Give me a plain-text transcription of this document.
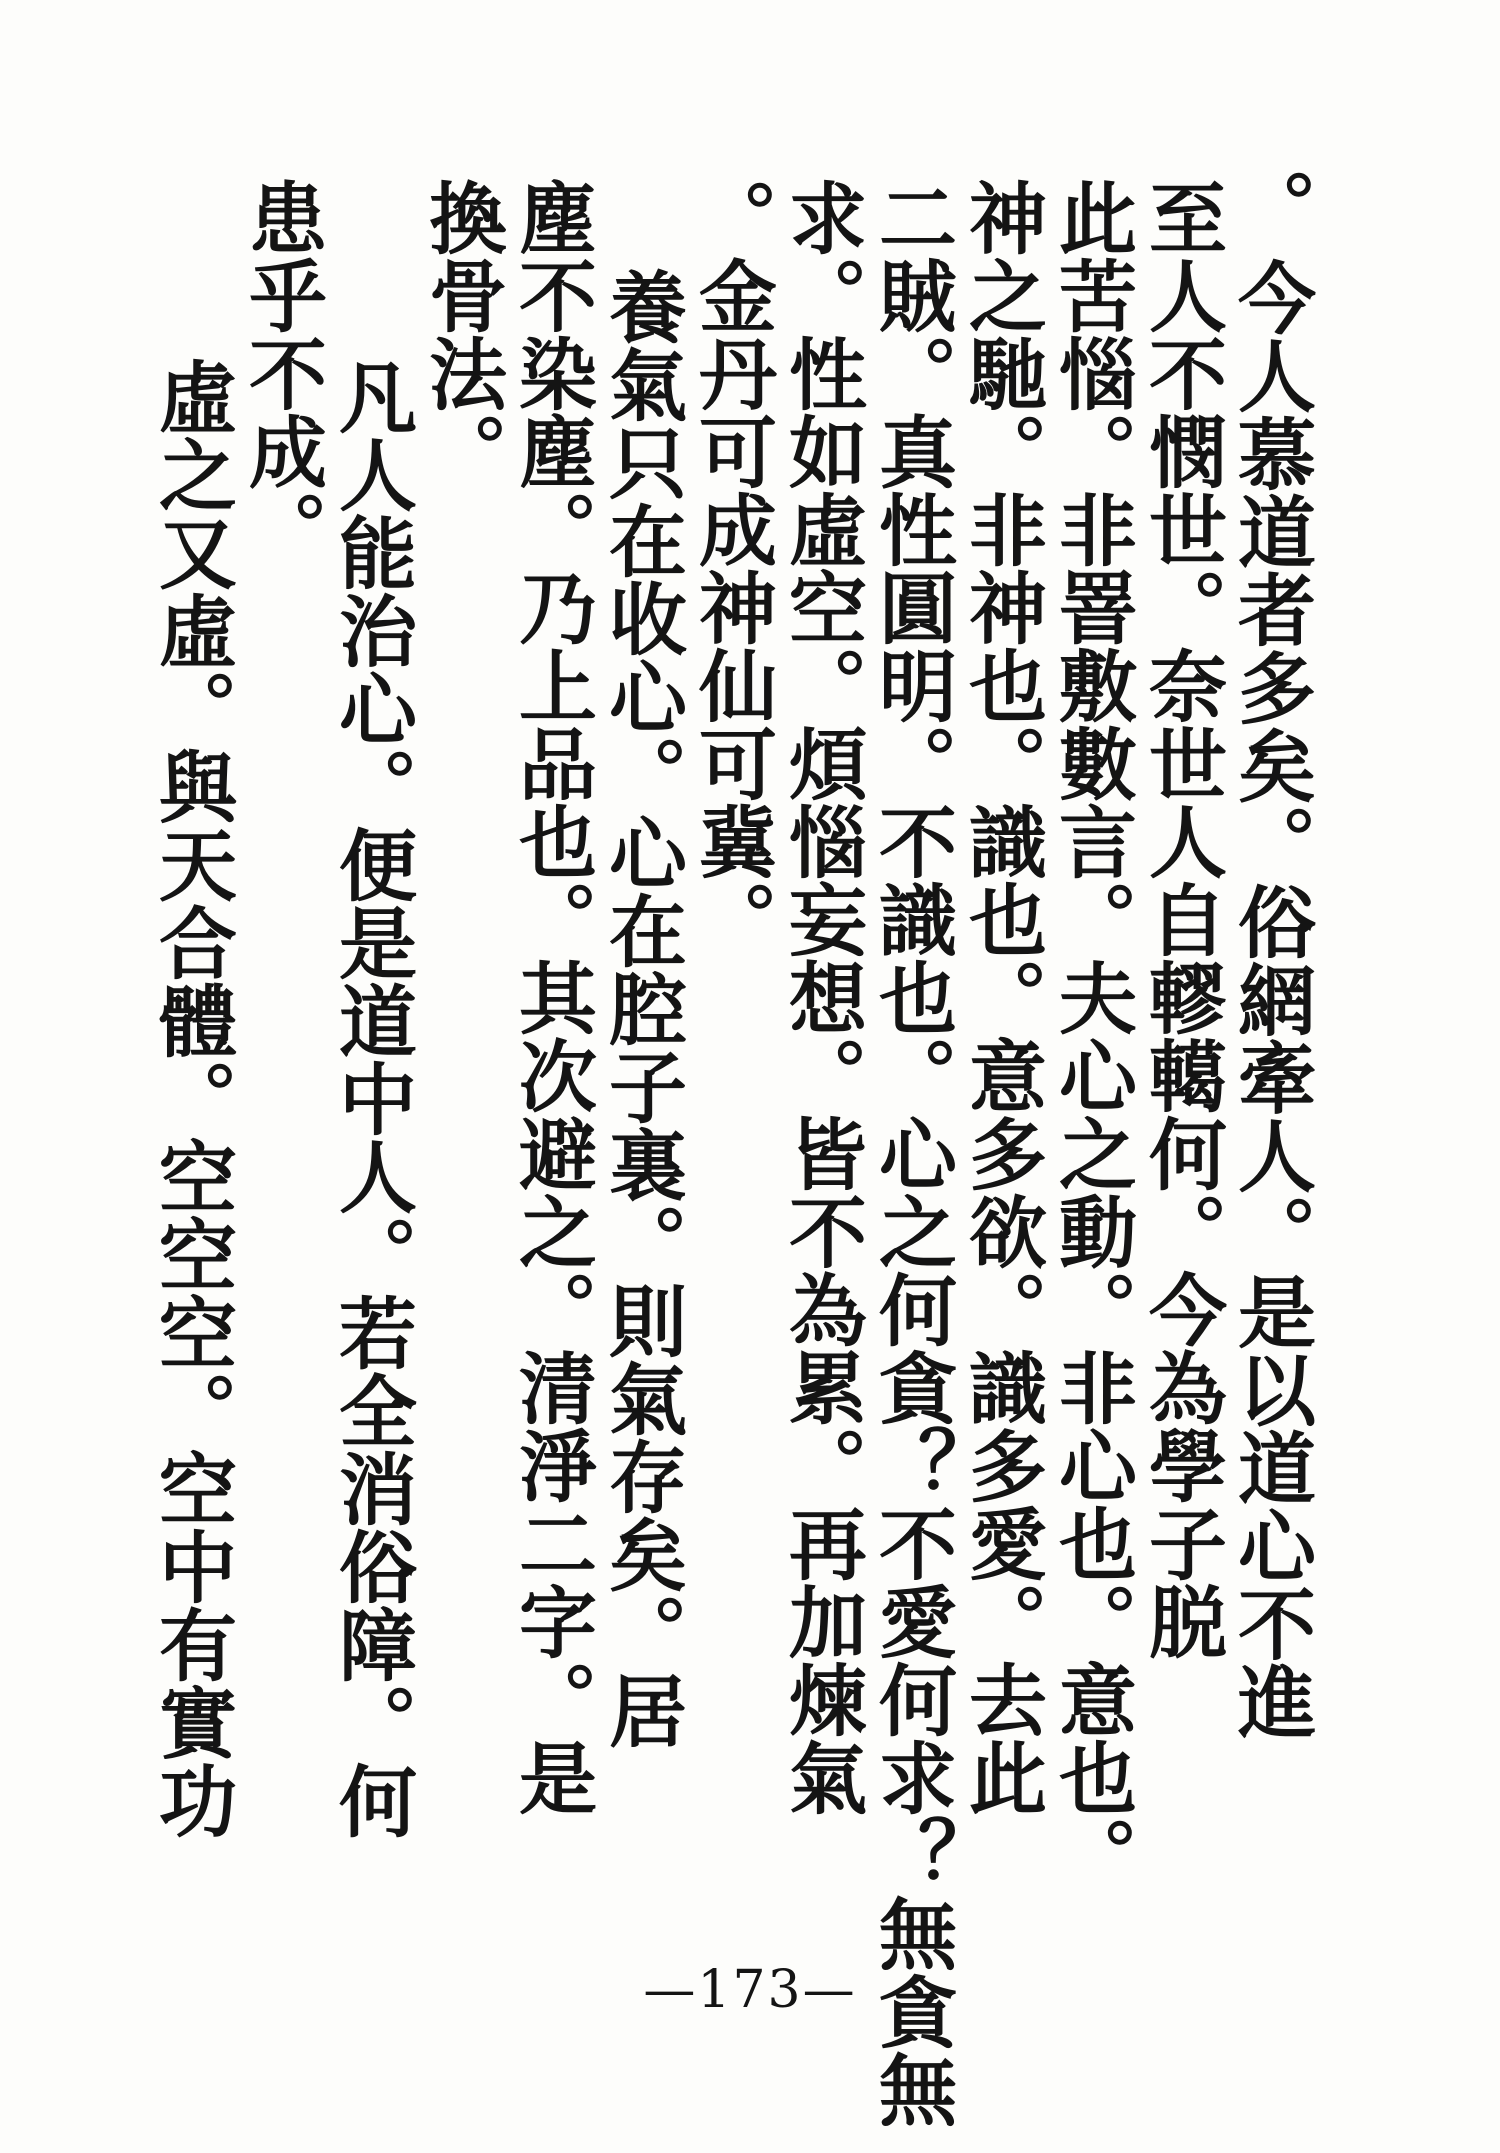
。
今人慕道者多矣。俗網牽人。是以道心不進
至人不憫世。奈世人自轇轕何。今為學子脱
此苦惱。非罯敷數言。夫心之動。非心也。意也。
神之馳。非神也。識也。意多欲。識多愛。去此
二賊。真性圓明。不識也。心之何貪？不愛何求？無貪無
求。性如虛空。煩惱妄想。皆不為累。再加煉氣
。金丹可成神仙可冀。
養氣只在收心。心在腔子裏。則氣存矣。居
塵不染塵。乃上品也。其次避之。清淨二字。是
換骨法。
凡人能治心。便是道中人。若全消俗障。何
患乎不成。
虛之又虛。與天合體。空空空。空中有實功
—173—
